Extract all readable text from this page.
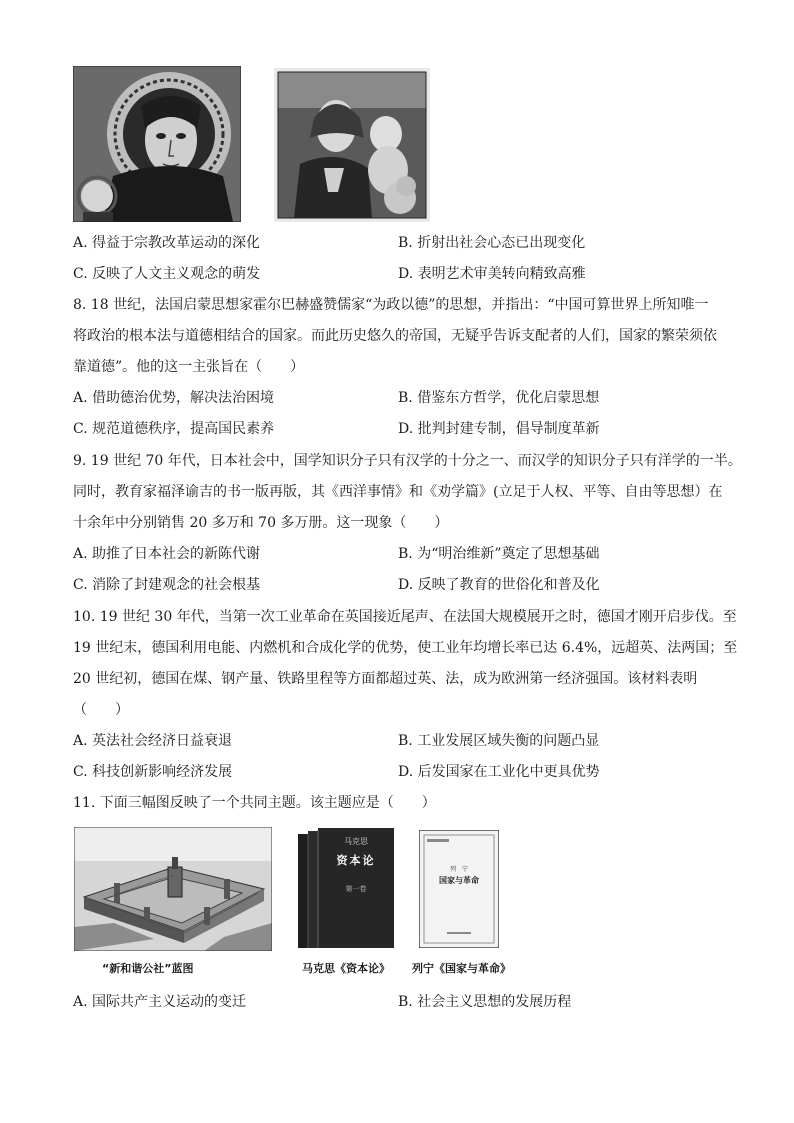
A. 得益于宗教改革运动的深化	B. 折射出社会心态已出现变化
C. 反映了人文主义观念的萌发	D. 表明艺术审美转向精致高雅
8. 18 世纪，法国启蒙思想家霍尔巴赫盛赞儒家“为政以德”的思想，并指出：“中国可算世界上所知唯一
将政治的根本法与道德相结合的国家。而此历史悠久的帝国，无疑乎告诉支配者的人们，国家的繁荣须依
靠道德”。他的这一主张旨在（　　）
A. 借助德治优势，解决法治困境	B. 借鉴东方哲学，优化启蒙思想
C. 规范道德秩序，提高国民素养	D. 批判封建专制，倡导制度革新
9. 19 世纪 70 年代，日本社会中，国学知识分子只有汉学的十分之一、而汉学的知识分子只有洋学的一半。
同时，教育家福泽谕吉的书一版再版，其《西洋事情》和《劝学篇》(立足于人权、平等、自由等思想）在
十余年中分别销售 20 多万和 70 多万册。这一现象（　　）
A. 助推了日本社会的新陈代谢	B. 为“明治维新”奠定了思想基础
C. 消除了封建观念的社会根基	D. 反映了教育的世俗化和普及化
10. 19 世纪 30 年代，当第一次工业革命在英国接近尾声、在法国大规模展开之时，德国才刚开启步伐。至
19 世纪末，德国利用电能、内燃机和合成化学的优势，使工业年均增长率已达 6.4%，远超英、法两国；至
20 世纪初，德国在煤、钢产量、铁路里程等方面都超过英、法，成为欧洲第一经济强国。该材料表明
（　　）
A. 英法社会经济日益衰退	B. 工业发展区域失衡的问题凸显
C. 科技创新影响经济发展	D. 后发国家在工业化中更具优势
11. 下面三幅图反映了一个共同主题。该主题应是（　　）
马克思
资本论
第一卷
列　宁
国家与革命
“新和谐公社”蓝图	马克思《资本论》 列宁《国家与革命》
A. 国际共产主义运动的变迁	B. 社会主义思想的发展历程
